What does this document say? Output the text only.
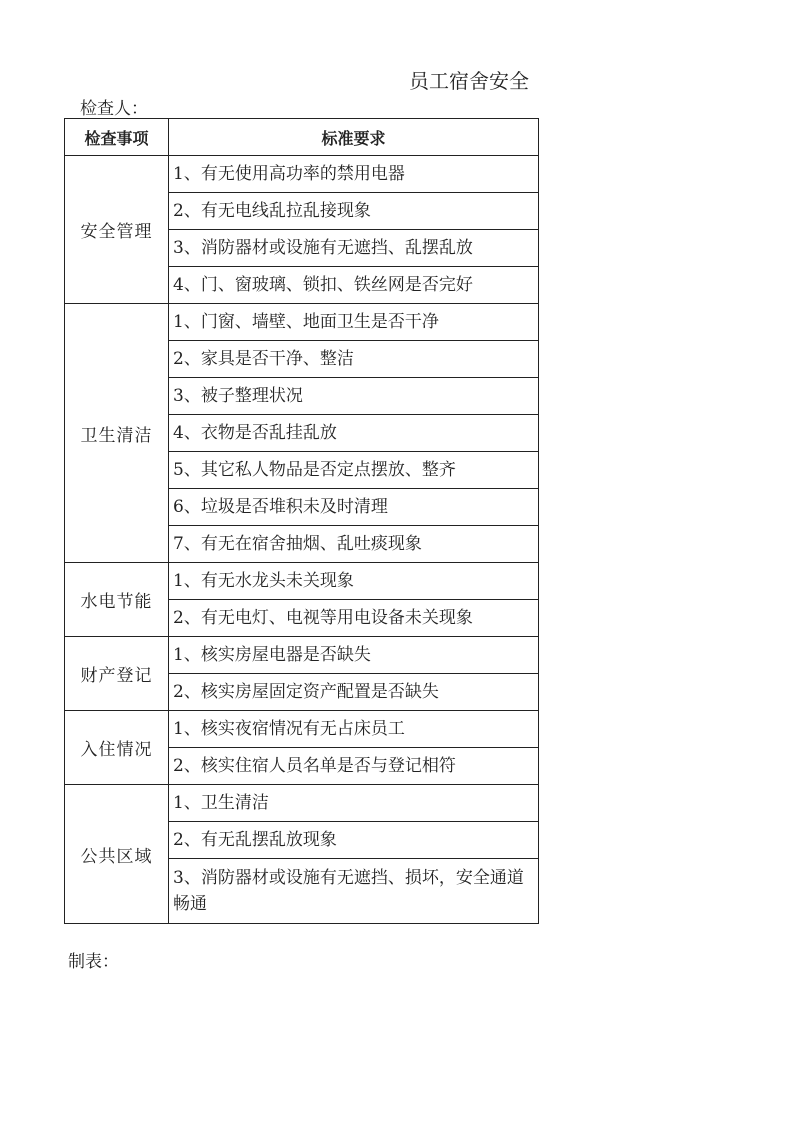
员工宿舍安全
检查人：
检查事项	标准要求
安全管理	1、有无使用高功率的禁用电器
	2、有无电线乱拉乱接现象
	3、消防器材或设施有无遮挡、乱摆乱放
	4、门、窗玻璃、锁扣、铁丝网是否完好
卫生清洁	1、门窗、墙壁、地面卫生是否干净
	2、家具是否干净、整洁
	3、被子整理状况
	4、衣物是否乱挂乱放
	5、其它私人物品是否定点摆放、整齐
	6、垃圾是否堆积未及时清理
	7、有无在宿舍抽烟、乱吐痰现象
水电节能	1、有无水龙头未关现象
	2、有无电灯、电视等用电设备未关现象
财产登记	1、核实房屋电器是否缺失
	2、核实房屋固定资产配置是否缺失
入住情况	1、核实夜宿情况有无占床员工
	2、核实住宿人员名单是否与登记相符
公共区域	1、卫生清洁
	2、有无乱摆乱放现象
	3、消防器材或设施有无遮挡、损坏，安全通道畅通
制表：
